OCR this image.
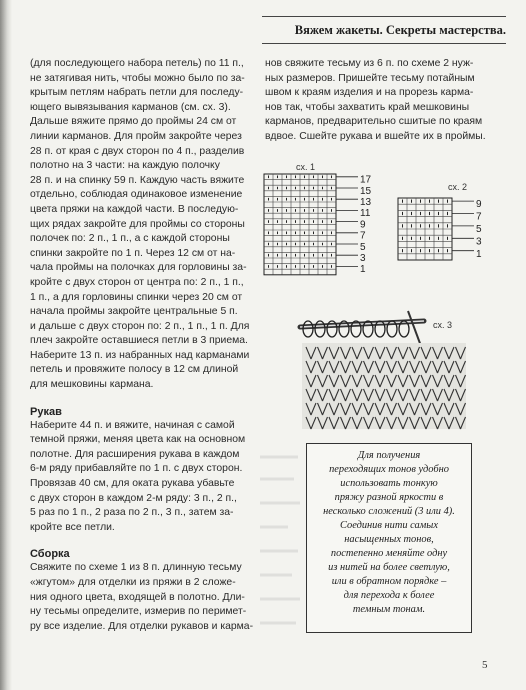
Вяжем жакеты. Секреты мастерства.

(для последующего набора петель) по 11 п.,
не затягивая нить, чтобы можно было по за-
крытым петлям набрать петли для последу-
ющего вывязывания карманов (см. сх. 3).
Дальше вяжите прямо до проймы 24 см от
линии карманов. Для пройм закройте через
28 п. от края с двух сторон по 4 п., разделив
полотно на 3 части: на каждую полочку
28 п. и на спинку 59 п. Каждую часть вяжите
отдельно, соблюдая одинаковое изменение
цвета пряжи на каждой части. В последую-
щих рядах закройте для проймы со стороны
полочек по: 2 п., 1 п., а с каждой стороны
спинки закройте по 1 п. Через 12 см от на-
чала проймы на полочках для горловины за-
кройте с двух сторон от центра по: 2 п., 1 п.,
1 п., а для горловины спинки через 20 см от
начала проймы закройте центральные 5 п.
и дальше с двух сторон по: 2 п., 1 п., 1 п. Для
плеч закройте оставшиеся петли в 3 приема.
Наберите 13 п. из набранных над карманами
петель и провяжите полосу в 12 см длиной
для мешковины кармана.

Рукав

Наберите 44 п. и вяжите, начиная с самой
темной пряжи, меняя цвета как на основном
полотне. Для расширения рукава в каждом
6-м ряду прибавляйте по 1 п. с двух сторон.
Провязав 40 см, для оката рукава убавьте
с двух сторон в каждом 2-м ряду: 3 п., 2 п.,
5 раз по 1 п., 2 раза по 2 п., 3 п., затем за-
кройте все петли.

Сборка

Свяжите по схеме 1 из 8 п. длинную тесьму
«жгутом» для отделки из пряжи в 2 сложе-
ния одного цвета, входящей в полотно. Дли-
ну тесьмы определите, измерив по перимет-
ру все изделие. Для отделки рукавов и карма-

нов свяжите тесьму из 6 п. по схеме 2 нуж-
ных размеров. Пришейте тесьму потайным
швом к краям изделия и на прорезь карма-
нов так, чтобы захватить край мешковины
карманов, предварительно сшитые по краям
вдвое. Сшейте рукава и вшейте их в проймы.

сх. 1
17
15
13
11
9
7
5
3
1
сх. 2
9
7
5
3
1
сх. 3
Для получения
переходящих тонов удобно
использовать тонкую
пряжу разной яркости в
несколько сложений (3 или 4).
Соединив нити самых
насыщенных тонов,
постепенно меняйте одну
из нитей на более светлую,
или в обратном порядке –
для перехода к более
темным тонам.
5
